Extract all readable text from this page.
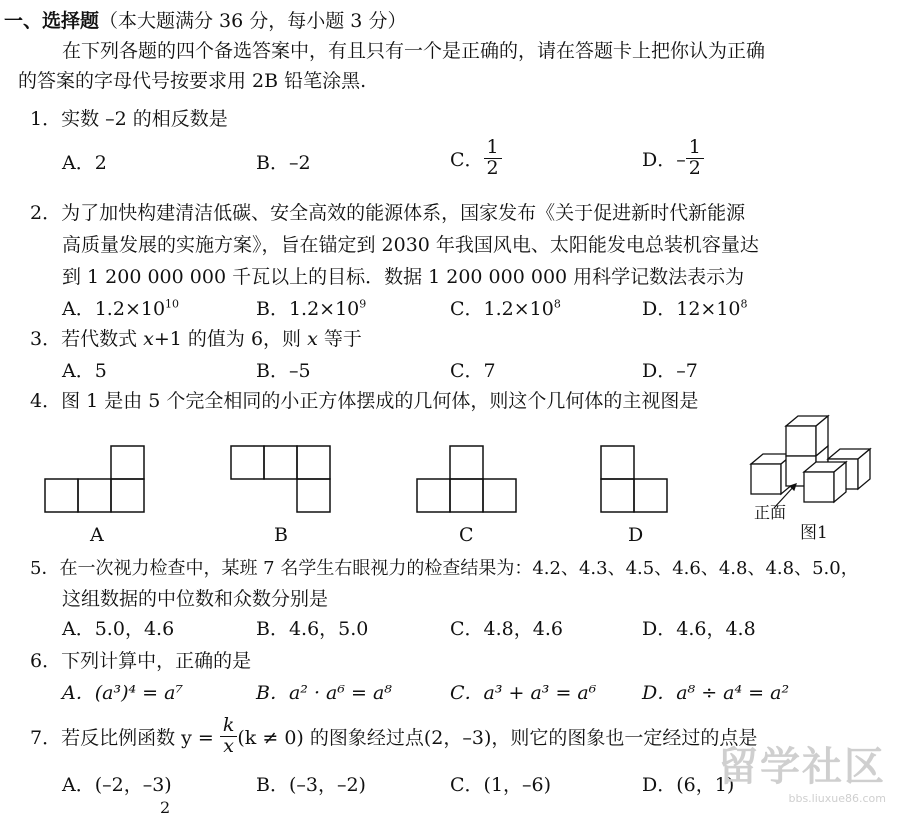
一、选择题（本大题满分 36 分，每小题 3 分）
在下列各题的四个备选答案中，有且只有一个是正确的，请在答题卡上把你认为正确
的答案的字母代号按要求用 2B 铅笔涂黑.
1．实数 –2 的相反数是
A．2	B．–2	C． $\frac{1}{2}$	D．– $\frac{1}{2}$
2．为了加快构建清洁低碳、安全高效的能源体系，国家发布《关于促进新时代新能源
高质量发展的实施方案》，旨在锚定到 2030 年我国风电、太阳能发电总装机容量达
到 1 200 000 000 千瓦以上的目标．数据 1 200 000 000 用科学记数法表示为
A．$1.2\times 10^{10}$	B．$1.2\times 10^9$	C．$1.2\times 10^8$	D．$12\times 10^8$
3．若代数式 x+1 的值为 6，则 x 等于
A．5	B．–5	C．7	D．–7
4．图 1 是由 5 个完全相同的小正方体摆成的几何体，则这个几何体的主视图是
A	B	C	D
正面
图1
5．在一次视力检查中，某班 7 名学生右眼视力的检查结果为：4.2、4.3、4.5、4.6、4.8、4.8、5.0，
这组数据的中位数和众数分别是
A．5.0，4.6	B．4.6，5.0	C．4.8，4.6	D．4.6，4.8
6．下列计算中，正确的是
A．(a³)⁴ = a⁷	B．a² · a⁶ = a⁸	C．a³ + a³ = a⁶ D．a⁸ ÷ a⁴ = a²
7．若反比例函数 $y = \frac{k}{x} (k \ne 0)$ 的图象经过点(2，–3)，则它的图象也一定经过的点是
A．(–2，–3)	B．(–3，–2)	C．(1，–6)	D．(6，1)
2
留学社区
bbs.liuxue86.com
